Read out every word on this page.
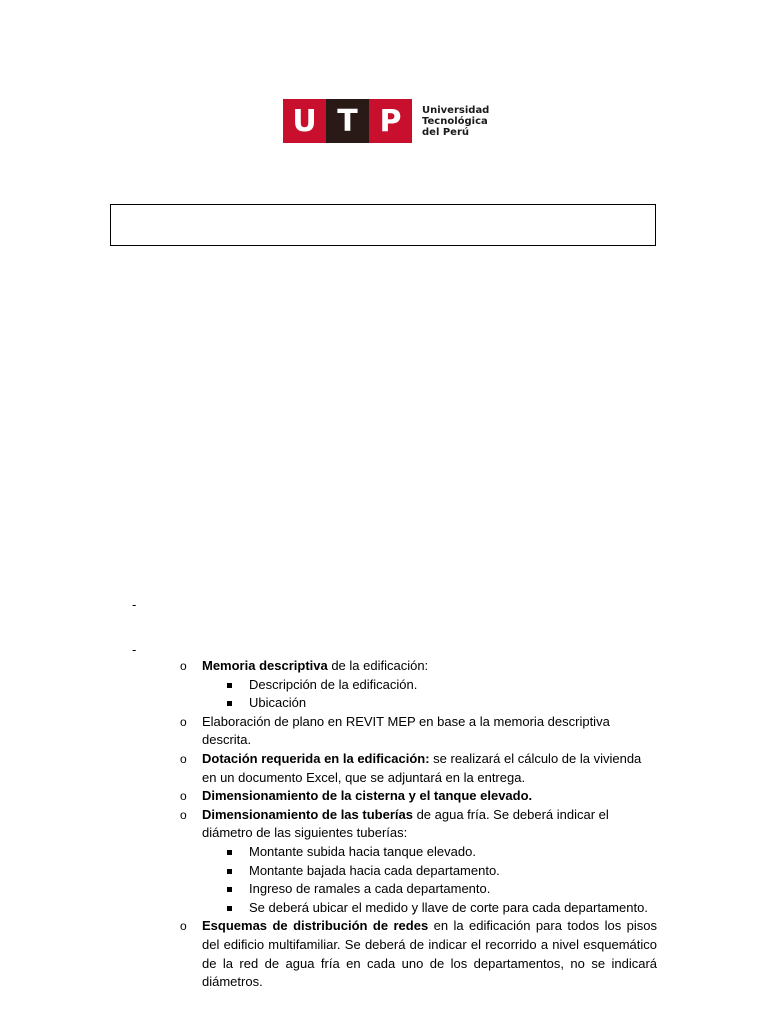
U T P	Universidad
Tecnológica
del Perú
-
-
o Memoria descriptiva de la edificación:
Descripción de la edificación.
Ubicación
o Elaboración de plano en REVIT MEP en base a la memoria descriptiva descrita.
o Dotación requerida en la edificación: se realizará el cálculo de la vivienda en un documento Excel, que se adjuntará en la entrega.
o Dimensionamiento de la cisterna y el tanque elevado.
o Dimensionamiento de las tuberías de agua fría. Se deberá indicar el diámetro de las siguientes tuberías:
Montante subida hacia tanque elevado.
Montante bajada hacia cada departamento.
Ingreso de ramales a cada departamento.
Se deberá ubicar el medido y llave de corte para cada departamento.
o Esquemas de distribución de redes en la edificación para todos los pisos del edificio multifamiliar. Se deberá de indicar el recorrido a nivel esquemático de la red de agua fría en cada uno de los departamentos, no se indicará diámetros.
